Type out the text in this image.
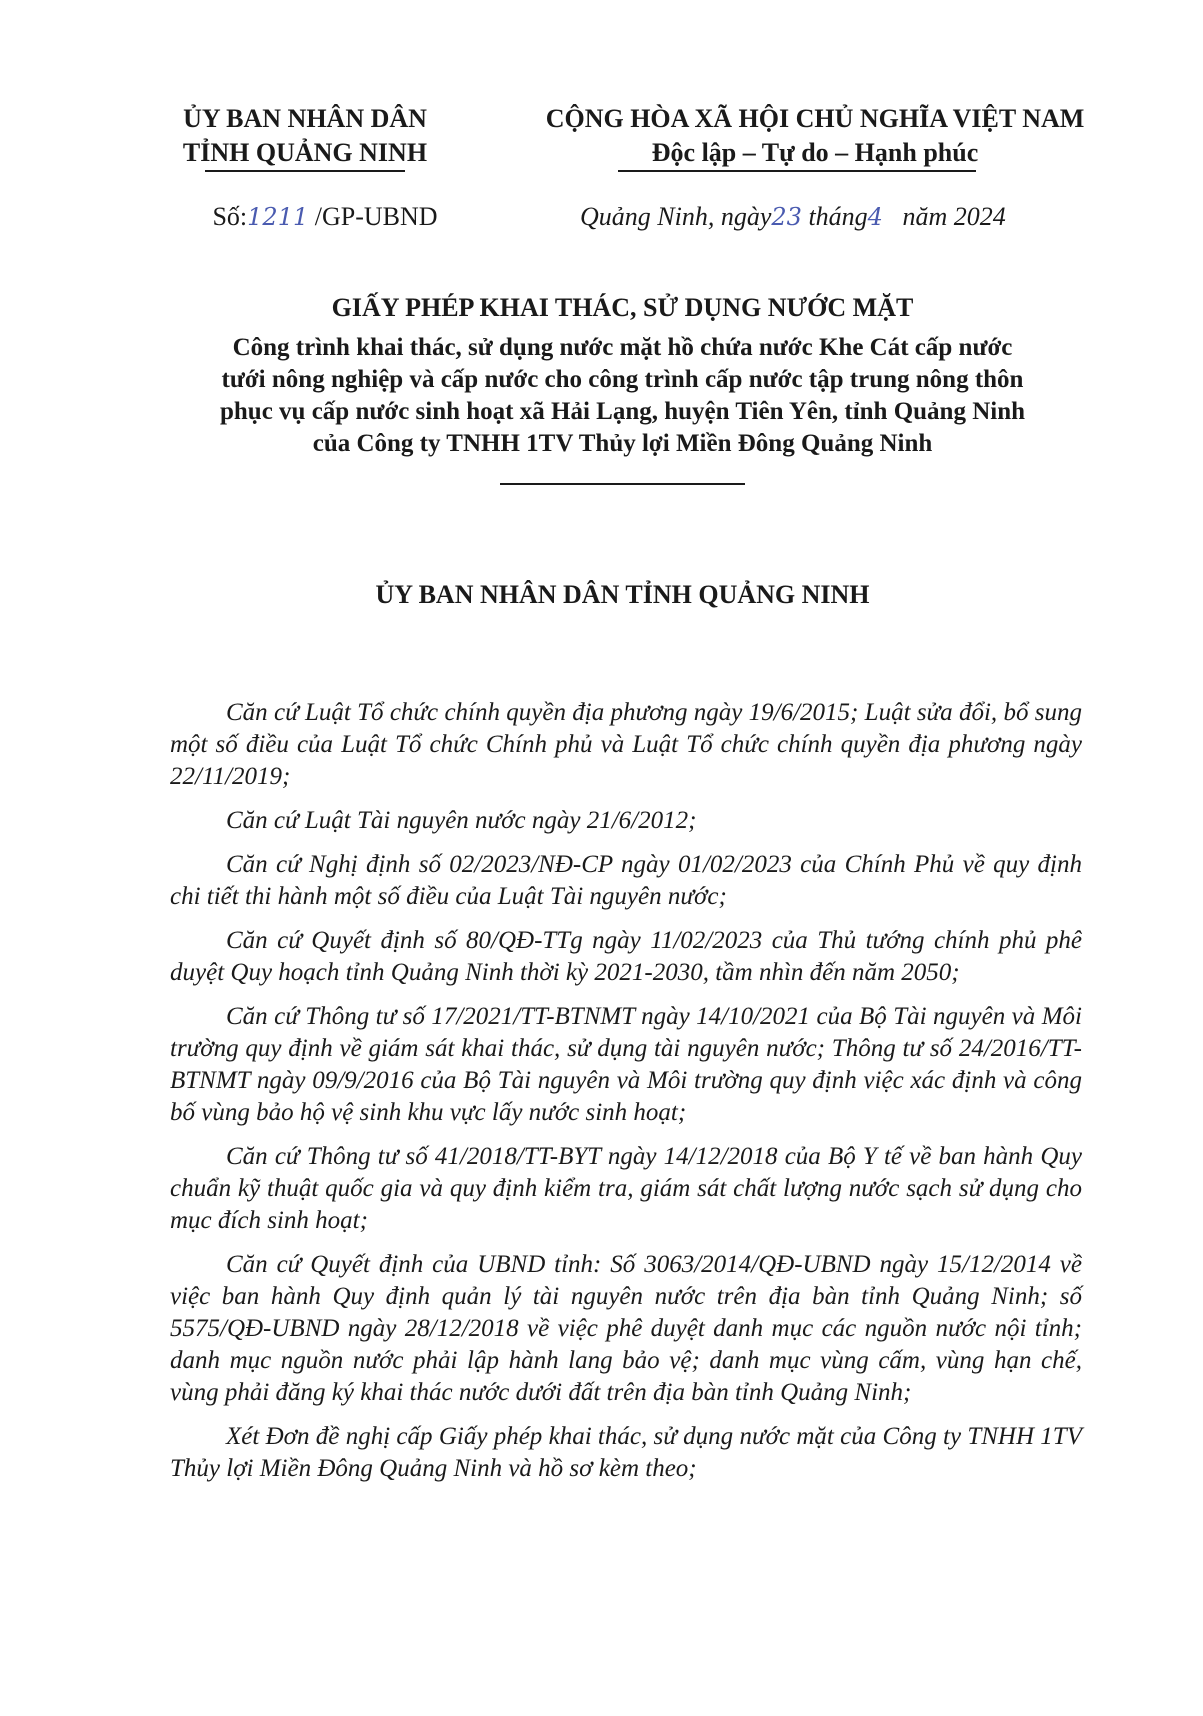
ỦY BAN NHÂN DÂN
TỈNH QUẢNG NINH
CỘNG HÒA XÃ HỘI CHỦ NGHĨA VIỆT NAM
Độc lập – Tự do – Hạnh phúc
Số:1211 /GP-UBND	Quảng Ninh, ngày23 tháng4 năm 2024
GIẤY PHÉP KHAI THÁC, SỬ DỤNG NƯỚC MẶT
Công trình khai thác, sử dụng nước mặt hồ chứa nước Khe Cát cấp nước
tưới nông nghiệp và cấp nước cho công trình cấp nước tập trung nông thôn
phục vụ cấp nước sinh hoạt xã Hải Lạng, huyện Tiên Yên, tỉnh Quảng Ninh
của Công ty TNHH 1TV Thủy lợi Miền Đông Quảng Ninh
ỦY BAN NHÂN DÂN TỈNH QUẢNG NINH

Căn cứ Luật Tổ chức chính quyền địa phương ngày 19/6/2015; Luật sửa đổi, bổ sung một số điều của Luật Tổ chức Chính phủ và Luật Tổ chức chính quyền địa phương ngày 22/11/2019;

Căn cứ Luật Tài nguyên nước ngày 21/6/2012;

Căn cứ Nghị định số 02/2023/NĐ-CP ngày 01/02/2023 của Chính Phủ về quy định chi tiết thi hành một số điều của Luật Tài nguyên nước;

Căn cứ Quyết định số 80/QĐ-TTg ngày 11/02/2023 của Thủ tướng chính phủ phê duyệt Quy hoạch tỉnh Quảng Ninh thời kỳ 2021-2030, tầm nhìn đến năm 2050;

Căn cứ Thông tư số 17/2021/TT-BTNMT ngày 14/10/2021 của Bộ Tài nguyên và Môi trường quy định về giám sát khai thác, sử dụng tài nguyên nước; Thông tư số 24/2016/TT- BTNMT ngày 09/9/2016 của Bộ Tài nguyên và Môi trường quy định việc xác định và công bố vùng bảo hộ vệ sinh khu vực lấy nước sinh hoạt;

Căn cứ Thông tư số 41/2018/TT-BYT ngày 14/12/2018 của Bộ Y tế về ban hành Quy chuẩn kỹ thuật quốc gia và quy định kiểm tra, giám sát chất lượng nước sạch sử dụng cho mục đích sinh hoạt;

Căn cứ Quyết định của UBND tỉnh: Số 3063/2014/QĐ-UBND ngày 15/12/2014 về việc ban hành Quy định quản lý tài nguyên nước trên địa bàn tỉnh Quảng Ninh; số 5575/QĐ-UBND ngày 28/12/2018 về việc phê duyệt danh mục các nguồn nước nội tỉnh; danh mục nguồn nước phải lập hành lang bảo vệ; danh mục vùng cấm, vùng hạn chế, vùng phải đăng ký khai thác nước dưới đất trên địa bàn tỉnh Quảng Ninh;

Xét Đơn đề nghị cấp Giấy phép khai thác, sử dụng nước mặt của Công ty TNHH 1TV Thủy lợi Miền Đông Quảng Ninh và hồ sơ kèm theo;
